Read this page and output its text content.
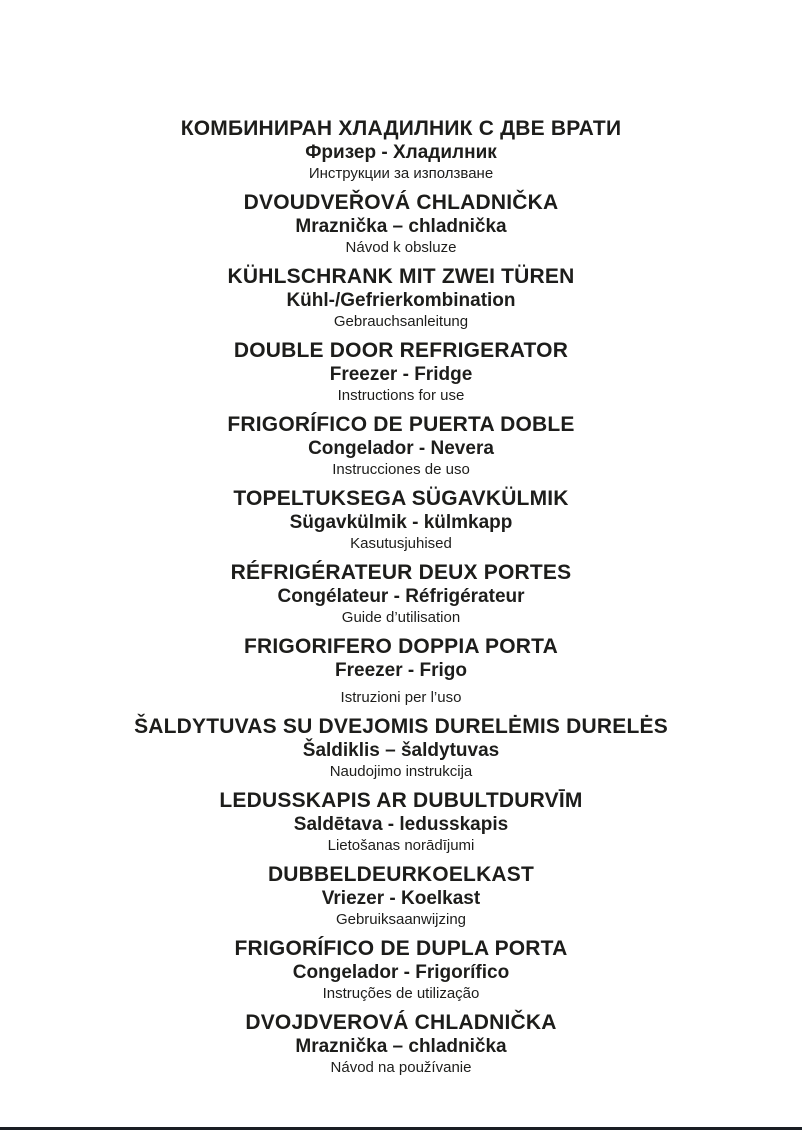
КОМБИНИРАН ХЛАДИЛНИК С ДВЕ ВРАТИ
Фризер - Хладилник
Инструкции за използване
DVOUDVEŘOVÁ CHLADNIČKA
Mraznička – chladnička
Návod k obsluze
KÜHLSCHRANK MIT ZWEI TÜREN
Kühl-/Gefrierkombination
Gebrauchsanleitung
DOUBLE DOOR REFRIGERATOR
Freezer - Fridge
Instructions for use
FRIGORÍFICO DE PUERTA DOBLE
Congelador - Nevera
Instrucciones de uso
TOPELTUKSEGA SÜGAVKÜLMIK
Sügavkülmik - külmkapp
Kasutusjuhised
RÉFRIGÉRATEUR DEUX PORTES
Congélateur - Réfrigérateur
Guide d’utilisation
FRIGORIFERO DOPPIA PORTA
Freezer - Frigo
Istruzioni per l’uso
ŠALDYTUVAS SU DVEJOMIS DURELĖMIS DURELĖS
Šaldiklis – šaldytuvas
Naudojimo instrukcija
LEDUSSKAPIS AR DUBULTDURVĪM
Saldētava - ledusskapis
Lietošanas norādījumi
DUBBELDEURKOELKAST
Vriezer - Koelkast
Gebruiksaanwijzing
FRIGORÍFICO DE DUPLA PORTA
Congelador - Frigorífico
Instruções de utilização
DVOJDVEROVÁ CHLADNIČKA
Mraznička – chladnička
Návod na používanie
